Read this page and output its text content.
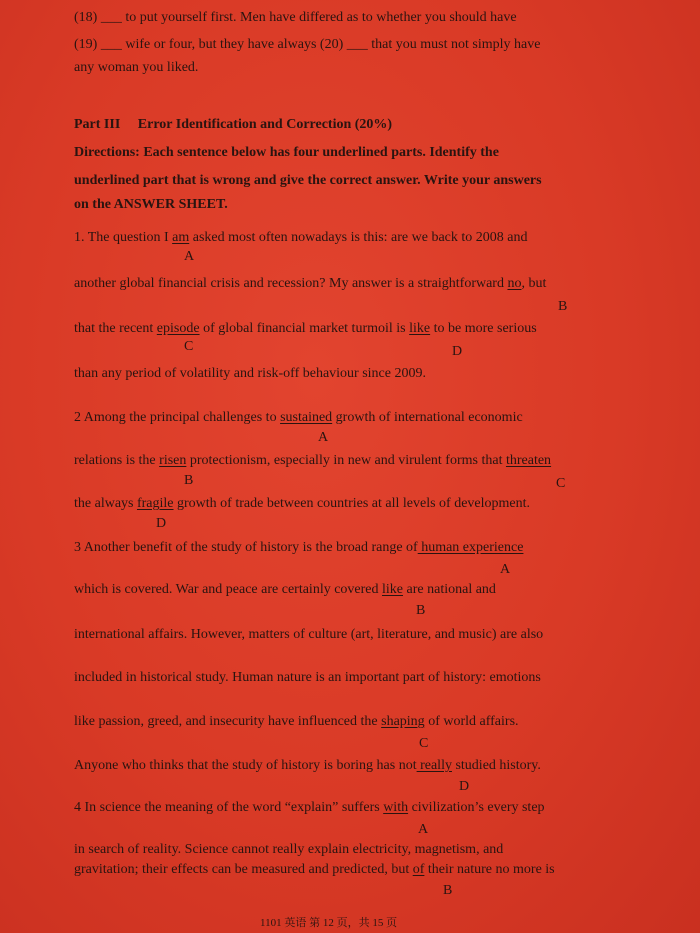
(18) ___ to put yourself first. Men have differed as to whether you should have
(19) ___ wife or four, but they have always (20) ___ that you must not simply have
any woman you liked.
Part III     Error Identification and Correction (20%)
Directions: Each sentence below has four underlined parts. Identify the
underlined part that is wrong and give the correct answer. Write your answers
on the ANSWER SHEET.
1. The question I am asked most often nowadays is this: are we back to 2008 and
A
another global financial crisis and recession? My answer is a straightforward no, but
B
that the recent episode of global financial market turmoil is like to be more serious
C	D
than any period of volatility and risk-off behaviour since 2009.
2 Among the principal challenges to sustained growth of international economic
A
relations is the risen protectionism, especially in new and virulent forms that threaten
B	C
the always fragile growth of trade between countries at all levels of development.
D
3 Another benefit of the study of history is the broad range of human experience
A
which is covered. War and peace are certainly covered like are national and
B
international affairs. However, matters of culture (art, literature, and music) are also
included in historical study. Human nature is an important part of history: emotions
like passion, greed, and insecurity have influenced the shaping of world affairs.
C
Anyone who thinks that the study of history is boring has not really studied history.
D
4 In science the meaning of the word “explain” suffers with civilization’s every step
A
in search of reality. Science cannot really explain electricity, magnetism, and
gravitation; their effects can be measured and predicted, but of their nature no more is
B
1101 英语 第 12 页，共 15 页
